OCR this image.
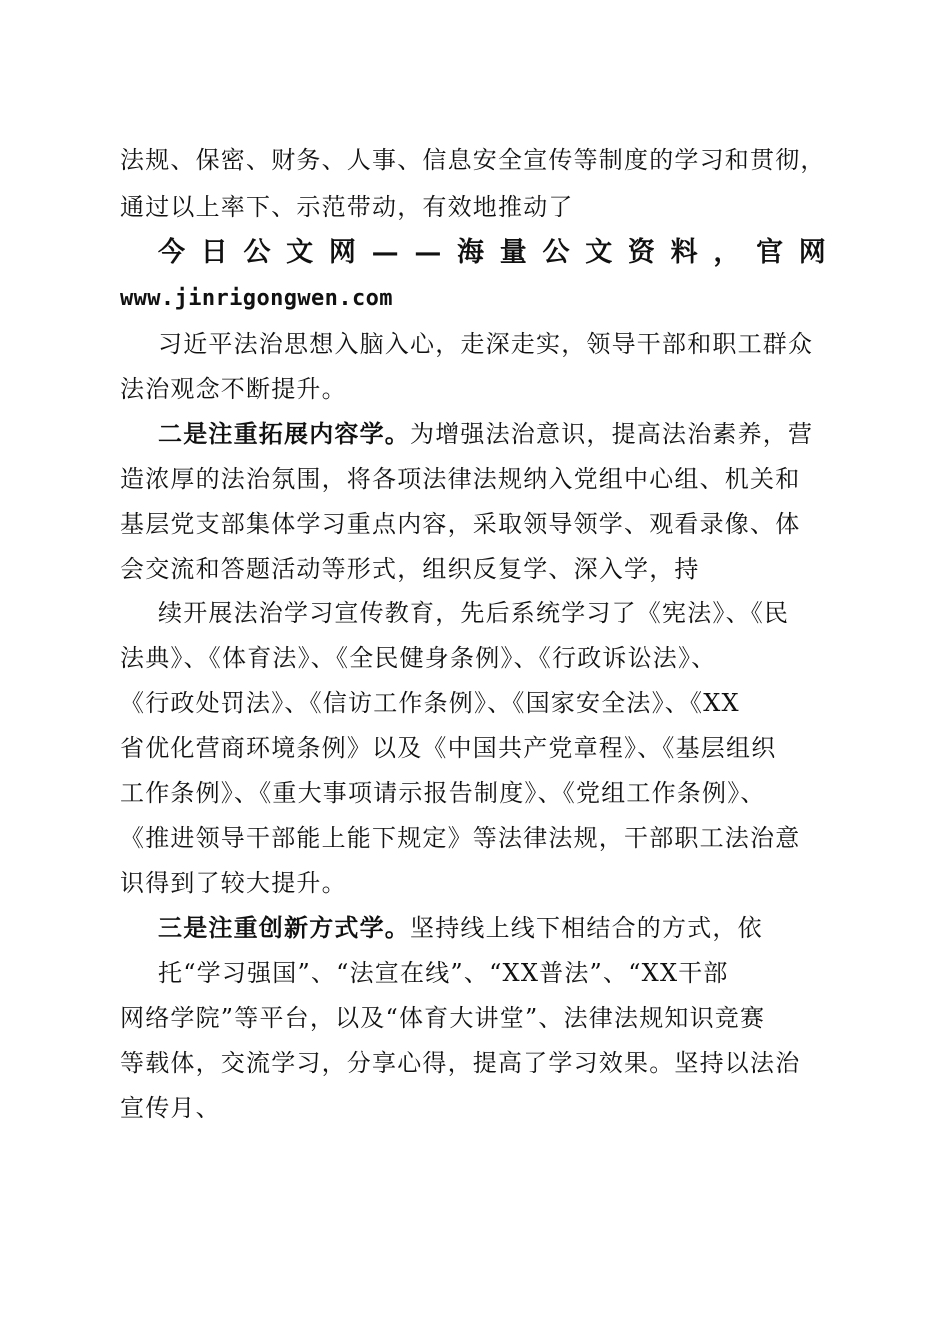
法规、保密、财务、人事、信息安全宣传等制度的学习和贯彻，
通过以上率下、示范带动，有效地推动了
今 日 公 文 网 — — 海 量 公 文 资 料 ， 官 网
www.jinrigongwen.com
习近平法治思想入脑入心，走深走实，领导干部和职工群众
法治观念不断提升。
二是注重拓展内容学。为增强法治意识，提高法治素养，营
造浓厚的法治氛围，将各项法律法规纳入党组中心组、机关和
基层党支部集体学习重点内容，采取领导领学、观看录像、体
会交流和答题活动等形式，组织反复学、深入学，持
续开展法治学习宣传教育，先后系统学习了《宪法》、《民
法典》、《体育法》、《全民健身条例》、《行政诉讼法》、
《行政处罚法》、《信访工作条例》、《国家安全法》、《XX
省优化营商环境条例》以及《中国共产党章程》、《基层组织
工作条例》、《重大事项请示报告制度》、《党组工作条例》、
《推进领导干部能上能下规定》等法律法规，干部职工法治意
识得到了较大提升。
三是注重创新方式学。坚持线上线下相结合的方式，依
托“学习强国”、“法宣在线”、“XX普法”、“XX干部
网络学院”等平台，以及“体育大讲堂”、法律法规知识竞赛
等载体，交流学习，分享心得，提高了学习效果。坚持以法治
宣传月、
